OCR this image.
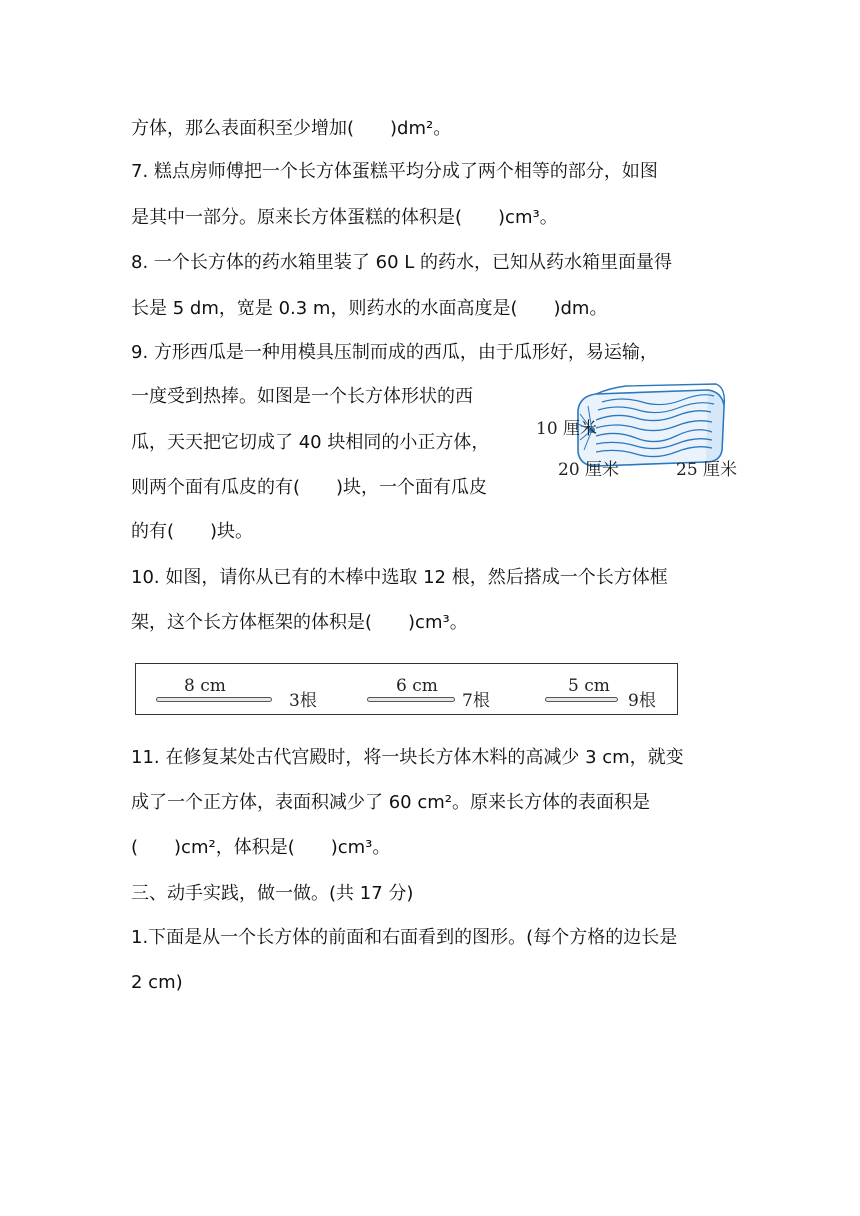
方体，那么表面积至少增加(　　)dm²。
7. 糕点房师傅把一个长方体蛋糕平均分成了两个相等的部分，如图
是其中一部分。原来长方体蛋糕的体积是(　　)cm³。
8. 一个长方体的药水箱里装了 60 L 的药水，已知从药水箱里面量得
长是 5 dm，宽是 0.3 m，则药水的水面高度是(　　)dm。
9. 方形西瓜是一种用模具压制而成的西瓜，由于瓜形好，易运输，
一度受到热捧。如图是一个长方体形状的西
瓜，天天把它切成了 40 块相同的小正方体，
则两个面有瓜皮的有(　　)块，一个面有瓜皮
的有(　　)块。
10 厘米
20 厘米	25 厘米
10. 如图，请你从已有的木棒中选取 12 根，然后搭成一个长方体框
架，这个长方体框架的体积是(　　)cm³。
8 cm
3根
6 cm
7根
5 cm
9根
11. 在修复某处古代宫殿时，将一块长方体木料的高减少 3 cm，就变
成了一个正方体，表面积减少了 60 cm²。原来长方体的表面积是
(　　)cm²，体积是(　　)cm³。
三、动手实践，做一做。(共 17 分)
1.下面是从一个长方体的前面和右面看到的图形。(每个方格的边长是
2 cm)
